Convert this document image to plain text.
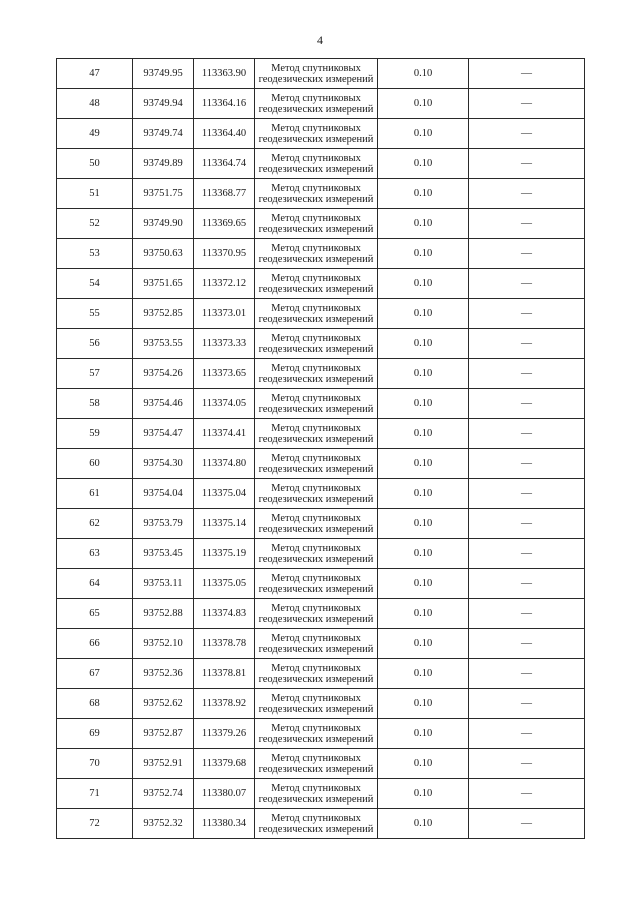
4
47	93749.95	113363.90	Метод спутниковых
геодезических измерений	0.10	—
48	93749.94	113364.16	Метод спутниковых
геодезических измерений	0.10	—
49	93749.74	113364.40	Метод спутниковых
геодезических измерений	0.10	—
50	93749.89	113364.74	Метод спутниковых
геодезических измерений	0.10	—
51	93751.75	113368.77	Метод спутниковых
геодезических измерений	0.10	—
52	93749.90	113369.65	Метод спутниковых
геодезических измерений	0.10	—
53	93750.63	113370.95	Метод спутниковых
геодезических измерений	0.10	—
54	93751.65	113372.12	Метод спутниковых
геодезических измерений	0.10	—
55	93752.85	113373.01	Метод спутниковых
геодезических измерений	0.10	—
56	93753.55	113373.33	Метод спутниковых
геодезических измерений	0.10	—
57	93754.26	113373.65	Метод спутниковых
геодезических измерений	0.10	—
58	93754.46	113374.05	Метод спутниковых
геодезических измерений	0.10	—
59	93754.47	113374.41	Метод спутниковых
геодезических измерений	0.10	—
60	93754.30	113374.80	Метод спутниковых
геодезических измерений	0.10	—
61	93754.04	113375.04	Метод спутниковых
геодезических измерений	0.10	—
62	93753.79	113375.14	Метод спутниковых
геодезических измерений	0.10	—
63	93753.45	113375.19	Метод спутниковых
геодезических измерений	0.10	—
64	93753.11	113375.05	Метод спутниковых
геодезических измерений	0.10	—
65	93752.88	113374.83	Метод спутниковых
геодезических измерений	0.10	—
66	93752.10	113378.78	Метод спутниковых
геодезических измерений	0.10	—
67	93752.36	113378.81	Метод спутниковых
геодезических измерений	0.10	—
68	93752.62	113378.92	Метод спутниковых
геодезических измерений	0.10	—
69	93752.87	113379.26	Метод спутниковых
геодезических измерений	0.10	—
70	93752.91	113379.68	Метод спутниковых
геодезических измерений	0.10	—
71	93752.74	113380.07	Метод спутниковых
геодезических измерений	0.10	—
72	93752.32	113380.34	Метод спутниковых
геодезических измерений	0.10	—
